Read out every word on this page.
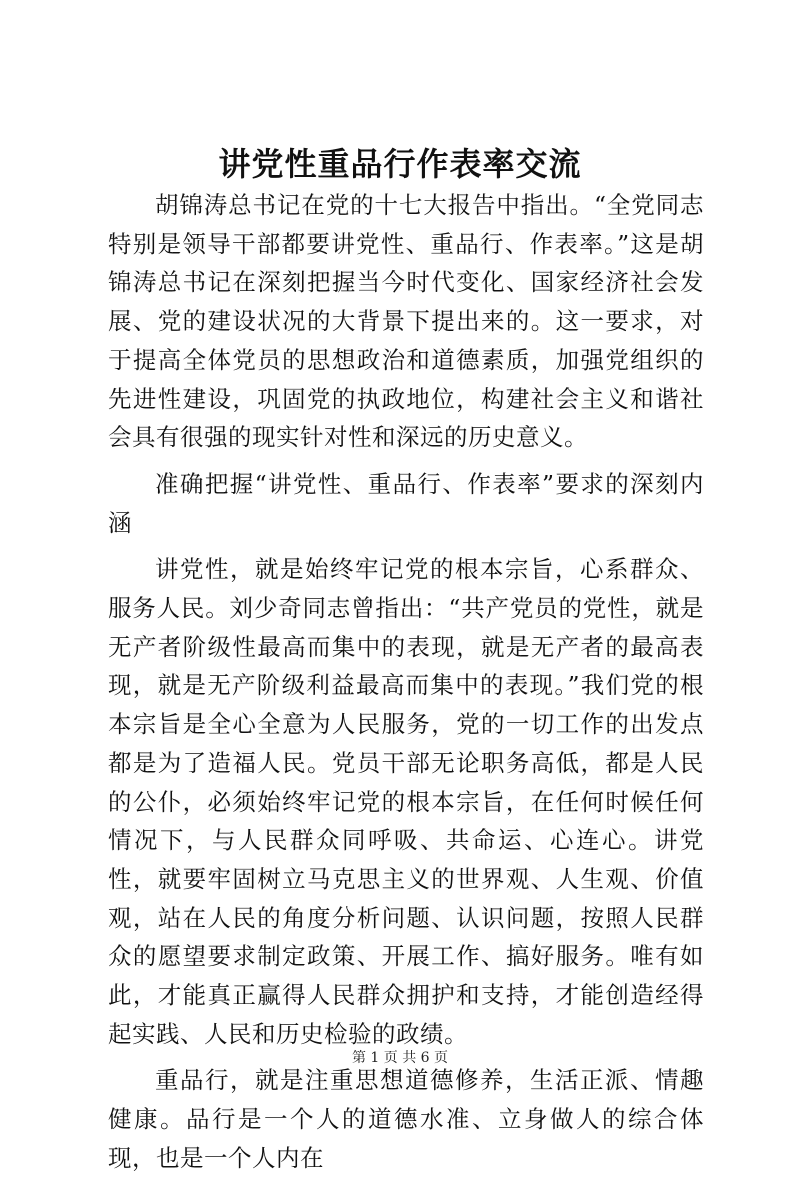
讲党性重品行作表率交流

胡锦涛总书记在党的十七大报告中指出。“全党同志特别是领导干部都要讲党性、重品行、作表率。”这是胡锦涛总书记在深刻把握当今时代变化、国家经济社会发展、党的建设状况的大背景下提出来的。这一要求，对于提高全体党员的思想政治和道德素质，加强党组织的先进性建设，巩固党的执政地位，构建社会主义和谐社会具有很强的现实针对性和深远的历史意义。

准确把握“讲党性、重品行、作表率”要求的深刻内涵

讲党性，就是始终牢记党的根本宗旨，心系群众、服务人民。刘少奇同志曾指出：“共产党员的党性，就是无产者阶级性最高而集中的表现，就是无产者的最高表现，就是无产阶级利益最高而集中的表现。”我们党的根本宗旨是全心全意为人民服务，党的一切工作的出发点都是为了造福人民。党员干部无论职务高低，都是人民的公仆，必须始终牢记党的根本宗旨，在任何时候任何情况下，与人民群众同呼吸、共命运、心连心。讲党性，就要牢固树立马克思主义的世界观、人生观、价值观，站在人民的角度分析问题、认识问题，按照人民群众的愿望要求制定政策、开展工作、搞好服务。唯有如此，才能真正赢得人民群众拥护和支持，才能创造经得起实践、人民和历史检验的政绩。

重品行，就是注重思想道德修养，生活正派、情趣健康。品行是一个人的道德水准、立身做人的综合体现，也是一个人内在

第 1 页 共 6 页
